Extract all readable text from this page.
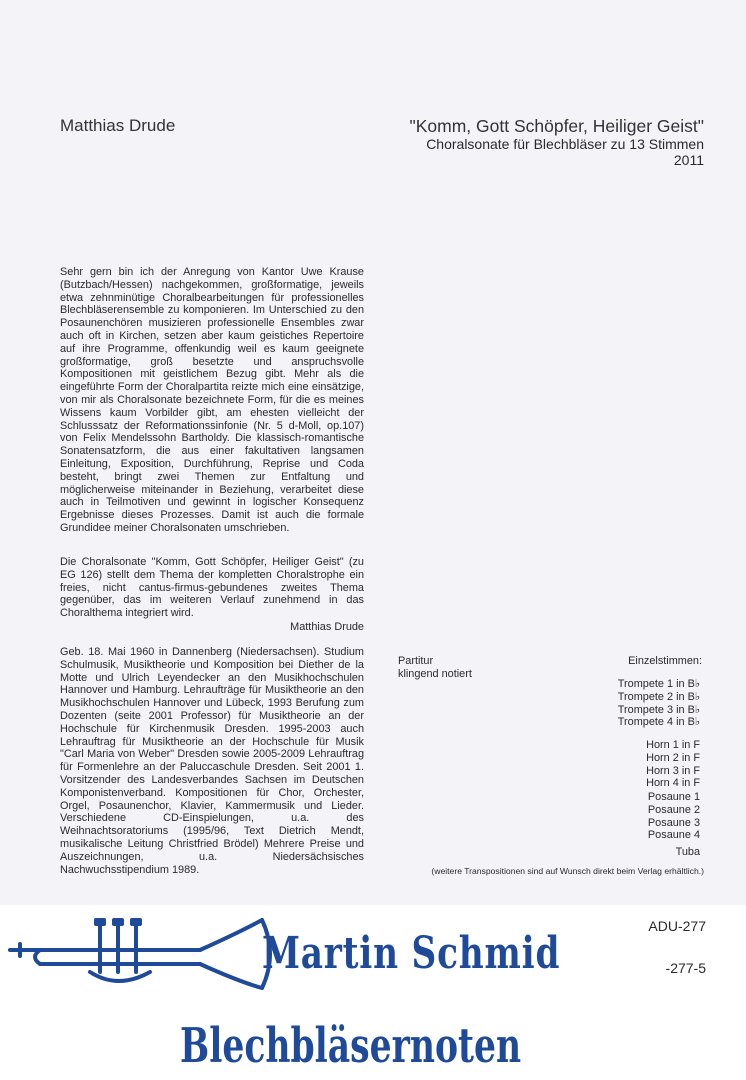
Matthias Drude	"Komm, Gott Schöpfer, Heiliger Geist"
Choralsonate für Blechbläser zu 13 Stimmen
2011

Sehr gern bin ich der Anregung von Kantor Uwe Krause (Butzbach/Hessen) nachgekommen, großformatige, jeweils etwa zehnminütige Choralbearbeitungen für professionelles Blechbläserensemble zu komponieren. Im Unterschied zu den Posaunenchören musizieren professionelle Ensembles zwar auch oft in Kirchen, setzen aber kaum geistiches Repertoire auf ihre Programme, offenkundig weil es kaum geeignete großformatige, groß besetzte und anspruchsvolle Kompositionen mit geistlichem Bezug gibt. Mehr als die eingeführte Form der Choralpartita reizte mich eine einsätzige, von mir als Choralsonate bezeichnete Form, für die es meines Wissens kaum Vorbilder gibt, am ehesten vielleicht der Schlusssatz der Reformationssinfonie (Nr. 5 d-Moll, op.107) von Felix Mendelssohn Bartholdy. Die klassisch-romantische Sonatensatzform, die aus einer fakultativen langsamen Einleitung, Exposition, Durchführung, Reprise und Coda besteht, bringt zwei Themen zur Entfaltung und möglicherweise miteinander in Beziehung, verarbeitet diese auch in Teilmotiven und gewinnt in logischer Konsequenz Ergebnisse dieses Prozesses. Damit ist auch die formale Grundidee meiner Choralsonaten umschrieben.

Die Choralsonate "Komm, Gott Schöpfer, Heiliger Geist" (zu EG 126) stellt dem Thema der kompletten Choralstrophe ein freies, nicht cantus-firmus-gebundenes zweites Thema gegenüber, das im weiteren Verlauf zunehmend in das Choralthema integriert wird.

Matthias Drude

Geb. 18. Mai 1960 in Dannenberg (Niedersachsen). Studium Schulmusik, Musiktheorie und Komposition bei Diether de la Motte und Ulrich Leyendecker an den Musikhochschulen Hannover und Hamburg. Lehraufträge für Musiktheorie an den Musikhochschulen Hannover und Lübeck, 1993 Berufung zum Dozenten (seite 2001 Professor) für Musiktheorie an der Hochschule für Kirchenmusik Dresden. 1995-2003 auch Lehrauftrag für Musiktheorie an der Hochschule für Musik "Carl Maria von Weber" Dresden sowie 2005-2009 Lehrauftrag für Formenlehre an der Paluccaschule Dresden. Seit 2001 1. Vorsitzender des Landesverbandes Sachsen im Deutschen Komponistenverband. Kompositionen für Chor, Orchester, Orgel, Posaunenchor, Klavier, Kammermusik und Lieder. Verschiedene CD-Einspielungen, u.a. des Weihnachtsoratoriums (1995/96, Text Dietrich Mendt, musikalische Leitung Christfried Brödel) Mehrere Preise und Auszeichnungen, u.a. Niedersächsisches Nachwuchsstipendium 1989.

Partitur
klingend notiert
Einzelstimmen:
Trompete 1 in B♭
Trompete 2 in B♭
Trompete 3 in B♭
Trompete 4 in B♭
Horn 1 in F
Horn 2 in F
Horn 3 in F
Horn 4 in F
Posaune 1
Posaune 2
Posaune 3
Posaune 4
Tuba
(weitere Transpositionen sind auf Wunsch direkt beim Verlag erhältlich.)
ADU-277
-277-5
Martin Schmid
Blechbläsernoten
